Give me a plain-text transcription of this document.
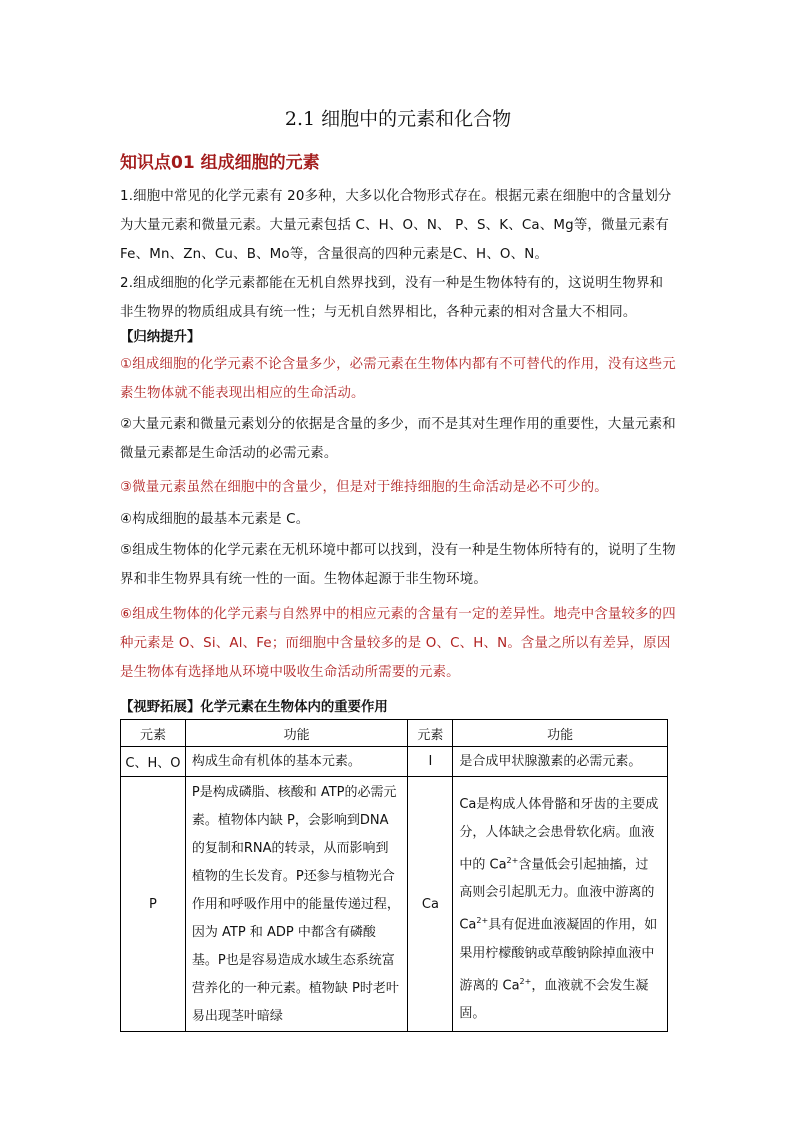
2.1 细胞中的元素和化合物
知识点01 组成细胞的元素
1.细胞中常见的化学元素有 20多种，大多以化合物形式存在。根据元素在细胞中的含量划分为大量元素和微量元素。大量元素包括 C、H、O、N、 P、S、K、Ca、Mg等，微量元素有Fe、Mn、Zn、Cu、B、Mo等，含量很高的四种元素是C、H、O、N。
2.组成细胞的化学元素都能在无机自然界找到，没有一种是生物体特有的，这说明生物界和非生物界的物质组成具有统一性；与无机自然界相比，各种元素的相对含量大不相同。
【归纳提升】
①组成细胞的化学元素不论含量多少，必需元素在生物体内都有不可替代的作用，没有这些元素生物体就不能表现出相应的生命活动。
②大量元素和微量元素划分的依据是含量的多少，而不是其对生理作用的重要性，大量元素和微量元素都是生命活动的必需元素。
③微量元素虽然在细胞中的含量少，但是对于维持细胞的生命活动是必不可少的。
④构成细胞的最基本元素是 C。
⑤组成生物体的化学元素在无机环境中都可以找到，没有一种是生物体所特有的，说明了生物界和非生物界具有统一性的一面。生物体起源于非生物环境。
⑥组成生物体的化学元素与自然界中的相应元素的含量有一定的差异性。地壳中含量较多的四种元素是 O、Si、Al、Fe；而细胞中含量较多的是 O、C、H、N。含量之所以有差异，原因是生物体有选择地从环境中吸收生命活动所需要的元素。
【视野拓展】化学元素在生物体内的重要作用
元素	功能	元素	功能
C、H、O	构成生命有机体的基本元素。	I	是合成甲状腺激素的必需元素。

P	P是构成磷脂、核酸和 ATP的必需元素。植物体内缺 P，会影响到DNA的复制和RNA的转录，从而影响到植物的生长发育。P还参与植物光合作用和呼吸作用中的能量传递过程，因为 ATP 和 ADP 中都含有磷酸基。P也是容易造成水域生态系统富营养化的一种元素。植物缺 P时老叶易出现茎叶暗绿	Ca	Ca是构成人体骨骼和牙齿的主要成分，人体缺之会患骨软化病。血液中的 $Ca^{2+}$含量低会引起抽搐，过高则会引起肌无力。血液中游离的 $Ca^{2+}$具有促进血液凝固的作用，如果用柠檬酸钠或草酸钠除掉血液中游离的 $Ca^{2+}$，血液就不会发生凝固。
